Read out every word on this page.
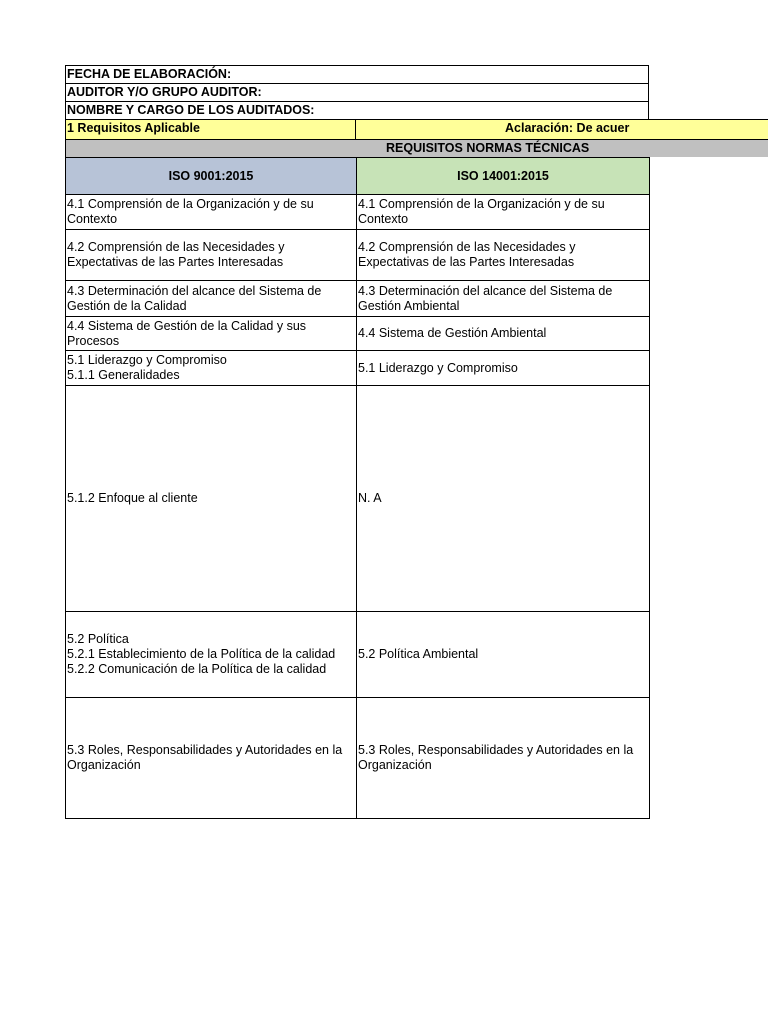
FECHA DE ELABORACIÓN:
AUDITOR Y/O GRUPO AUDITOR:
NOMBRE Y CARGO DE LOS AUDITADOS:
1 Requisitos Aplicable	Aclaración: De acuer
REQUISITOS NORMAS TÉCNICAS
ISO 9001:2015	ISO 14001:2015

4.1 Comprensión de la Organización y de su Contexto	4.1 Comprensión de la Organización y de su Contexto

4.2 Comprensión de las Necesidades y Expectativas de las Partes Interesadas	4.2 Comprensión de las Necesidades y Expectativas de las Partes Interesadas

4.3 Determinación del alcance del Sistema de Gestión de la Calidad	4.3 Determinación del alcance del Sistema de Gestión Ambiental

4.4 Sistema de Gestión de la Calidad y sus Procesos	4.4 Sistema de Gestión Ambiental

5.1 Liderazgo y Compromiso
5.1.1 Generalidades	5.1 Liderazgo y Compromiso

5.1.2 Enfoque al cliente	N. A

5.2 Política
5.2.1 Establecimiento de la Política de la calidad
5.2.2 Comunicación de la Política de la calidad	5.2 Política Ambiental

5.3 Roles, Responsabilidades y Autoridades en la Organización	5.3 Roles, Responsabilidades y Autoridades en la Organización
